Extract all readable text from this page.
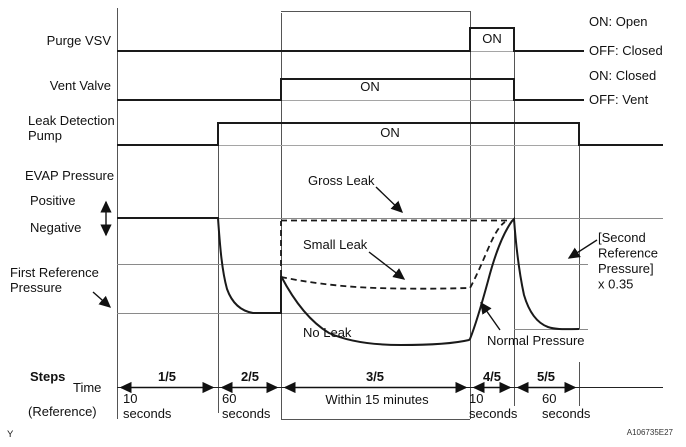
Purge VSV
Vent Valve
Leak Detection
Pump
EVAP Pressure
Positive
Negative
First Reference
Pressure
ON
ON
ON
ON: Open
OFF: Closed
ON: Closed
OFF: Vent
Gross Leak
Small Leak
No Leak
Normal Pressure
[Second
Reference
Pressure]
x 0.35
Steps
Time
(Reference)
1/5	2/5	3/5	4/5	5/5
10
seconds
60
seconds
Within 15 minutes	10
seconds
60
seconds
Y	A106735E27
